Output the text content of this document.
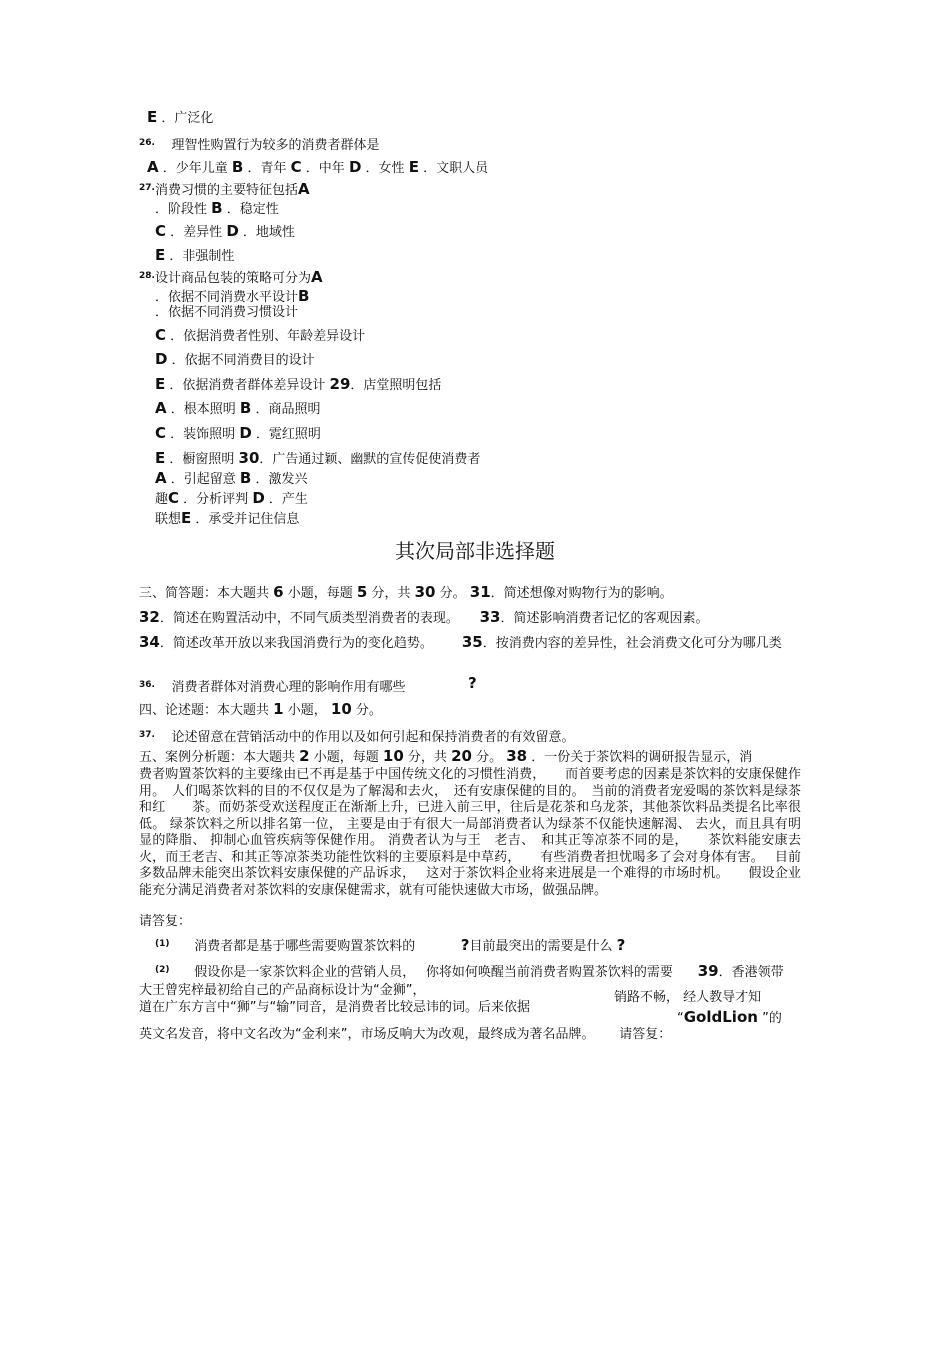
E ．广泛化
$^{26.}$ 理智性购置行为较多的消费者群体是
A ．少年儿童 B ．青年 C ．中年 D ．女性 E ．文职人员
$^{27.}$消费习惯的主要特征包括A
．阶段性 B ．稳定性
C ．差异性 D ．地域性
E ．非强制性
$^{28.}$设计商品包装的策略可分为A
．依据不同消费水平设计B
．依据不同消费习惯设计
C ．依据消费者性别、年龄差异设计
D ．依据不同消费目的设计
E ．依据消费者群体差异设计 29．店堂照明包括
A ．根本照明 B ．商品照明
C ．装饰照明 D ．霓红照明
E ．橱窗照明 30．广告通过颖、幽默的宣传促使消费者
A ．引起留意 B ．激发兴
趣C ．分析评判 D ．产生
联想E ．承受并记住信息
其次局部非选择题
三、简答题：本大题共 6 小题，每题 5 分，共 30 分。 31．简述想像对购物行为的影响。
32．简述在购置活动中，不同气质类型消费者的表现。 33．简述影响消费者记忆的客观因素。
34．简述改革开放以来我国消费行为的变化趋势。 35．按消费内容的差异性，社会消费文化可分为哪几类
$^{36.}$ 消费者群体对消费心理的影响作用有哪些	?
四、论述题：本大题共 1 小题， 10 分。
$^{37.}$ 论述留意在营销活动中的作用以及如何引起和保持消费者的有效留意。
五、案例分析题：本大题共 2 小题，每题 10 分，共 20 分。 38 ．一份关于茶饮料的调研报告显示，消
费者购置茶饮料的主要缘由已不再是基于中国传统文化的习惯性消费，　　而首要考虑的因素是茶饮料的安康保健作用。　人们喝茶饮料的目的不仅仅是为了解渴和去火，　还有安康保健的目的。　当前的消费者宠爱喝的茶饮料是绿茶和红　　茶。而奶茶受欢送程度正在渐渐上升，已进入前三甲，往后是花茶和乌龙茶，其他茶饮料品类提名比率很低。 绿茶饮料之所以排名第一位， 主要是由于有很大一局部消费者认为绿茶不仅能快速解渴、 去火，而且具有明显的降脂、 抑制心血管疾病等保健作用。 消费者认为与王　老吉、　和其正等凉茶不同的是，　　茶饮料能安康去火，而王老吉、和其正等凉茶类功能性饮料的主要原料是中草药，　　有些消费者担忧喝多了会对身体有害。　 目前多数品牌未能突出茶饮料安康保健的产品诉求，　 这对于茶饮料企业将来进展是一个难得的市场时机。　　假设企业能充分满足消费者对茶饮料的安康保健需求，就有可能快速做大市场，做强品牌。
请答复：
$^{(1)}$ 消费者都是基于哪些需要购置茶饮料的	?目前最突出的需要是什么 ?
$^{(2)}$ 假设你是一家茶饮料企业的营销人员，　 你将如何唤醒当前消费者购置茶饮料的需要 39．香港领带
大王曾宪梓最初给自己的产品商标设计为“金狮”，	销路不畅， 经人教导才知
道在广东方言中“狮”与“输”同音，是消费者比较忌讳的词。后来依据
“GoldLion ”的
英文名发音，将中文名改为“金利来”，市场反响大为改观，最终成为著名品牌。 请答复：
